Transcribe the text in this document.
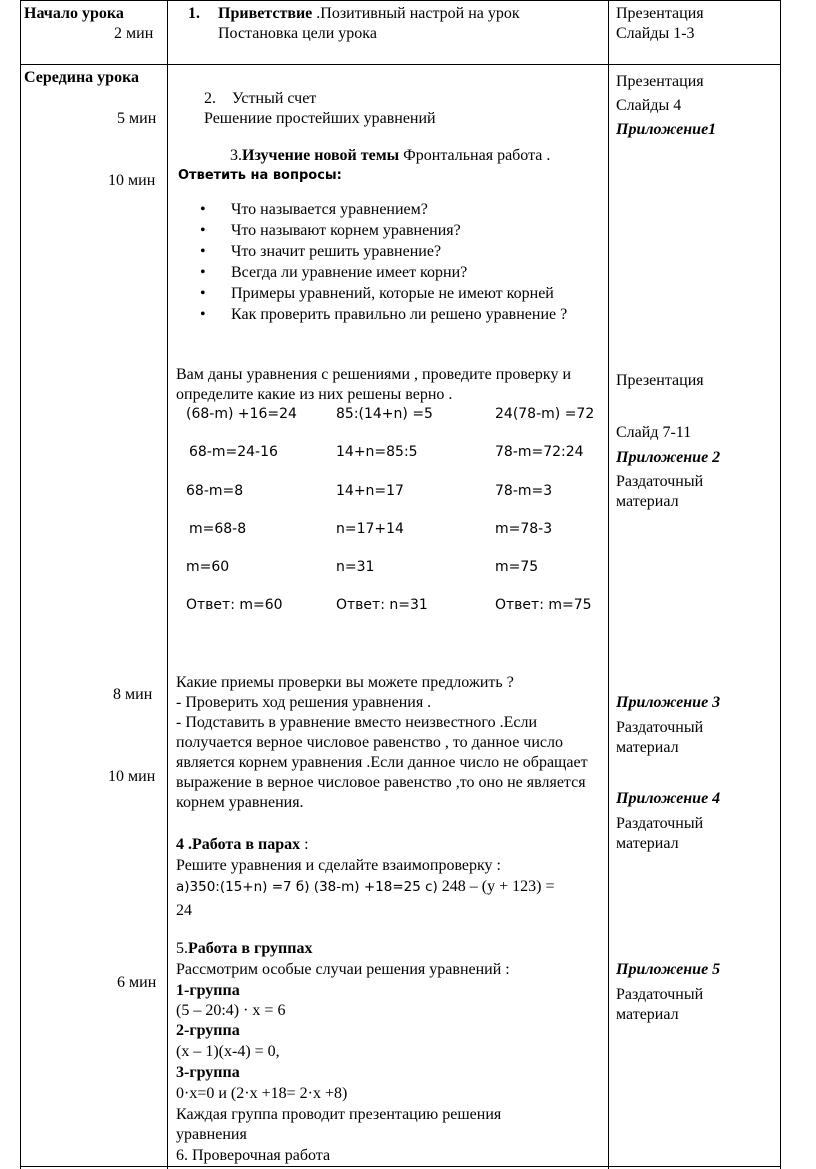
Начало урока
2 мин
1. Приветствие .Позитивный настрой на урок
Постановка цели урока
Презентация
Слайды 1-3
Середина урока
5 мин
10 мин
8 мин
10 мин
6 мин
2. Устный счет
Решениие простейших уравнений
3.Изучение новой темы Фронтальная работа .
Ответить на вопросы:
• Что называется уравнением?
• Что называют корнем уравнения?
• Что значит решить уравнение?
• Всегда ли уравнение имеет корни?
• Примеры уравнений, которые не имеют корней
• Как проверить правильно ли решено уравнение ?
Вам даны уравнения с решениями , проведите проверку и определите какие из них решены верно .
(68-m) +16=24
68-m=24-16
68-m=8
m=68-8
m=60
Ответ: m=60
85:(14+n) =5
14+n=85:5
14+n=17
n=17+14
n=31
Ответ: n=31
24(78-m) =72
78-m=72:24
78-m=3
m=78-3
m=75
Ответ: m=75
Какие приемы проверки вы можете предложить ?
- Проверить ход решения уравнения .
- Подставить в уравнение вместо неизвестного .Если получается верное числовое равенство , то данное число является корнем уравнения .Если данное число не обращает выражение в верное числовое равенство ,то оно не является корнем уравнения.
4 .Работа в парах :
Решите уравнения и сделайте взаимопроверку :
а)350:(15+n) =7 б) (38-m) +18=25 с) 248 – (y + 123) =
24
5.Работа в группах
Рассмотрим особые случаи решения уравнений :
1-группа
(5 – 20:4) · x = 6
2-группа
(x – 1)(x-4) = 0,
3-группа
0·x=0 и (2·x +18= 2·x +8)
Каждая группа проводит презентацию решения уравнения
6. Проверочная работа
Презентация
Слайды 4
Приложение1
Презентация
Слайд 7-11
Приложение 2
Раздаточный материал
Приложение 3
Раздаточный материал
Приложение 4
Раздаточный материал
Приложение 5
Раздаточный материал
